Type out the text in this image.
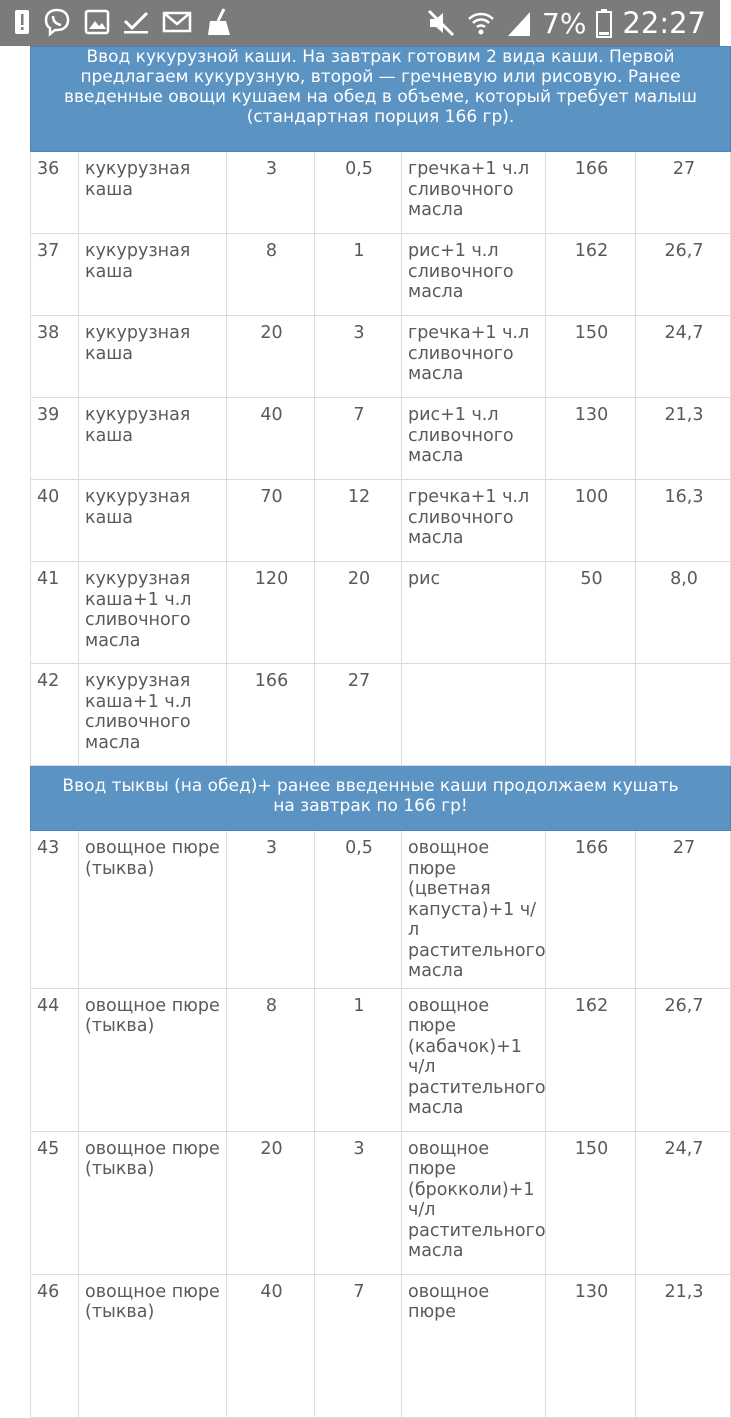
7% 22:27
Ввод кукурузной каши. На завтрак готовим 2 вида каши. Первой предлагаем кукурузную, второй — гречневую или рисовую. Ранее введенные овощи кушаем на обед в объеме, который требует малыш (стандартная порция 166 гр).						
36	кукурузная каша	3	0,5	гречка+1 ч.л сливочного масла	166	27
37	кукурузная каша	8	1	рис+1 ч.л сливочного масла	162	26,7
38	кукурузная каша	20	3	гречка+1 ч.л сливочного масла	150	24,7
39	кукурузная каша	40	7	рис+1 ч.л сливочного масла	130	21,3
40	кукурузная каша	70	12	гречка+1 ч.л сливочного масла	100	16,3
41	кукурузная каша+1 ч.л сливочного масла	120	20	рис	50	8,0
42	кукурузная каша+1 ч.л сливочного масла	166	27			
Ввод тыквы (на обед)+ ранее введенные каши продолжаем кушать на завтрак по 166 гр!						
43	овощное пюре (тыква)	3	0,5	овощное пюре (цветная капуста)+1 ч/л растительного масла	166	27
44	овощное пюре (тыква)	8	1	овощное пюре (кабачок)+1 ч/л растительного масла	162	26,7
45	овощное пюре (тыква)	20	3	овощное пюре (брокколи)+1 ч/л растительного масла	150	24,7
46	овощное пюре (тыква)	40	7	овощное пюре	130	21,3
